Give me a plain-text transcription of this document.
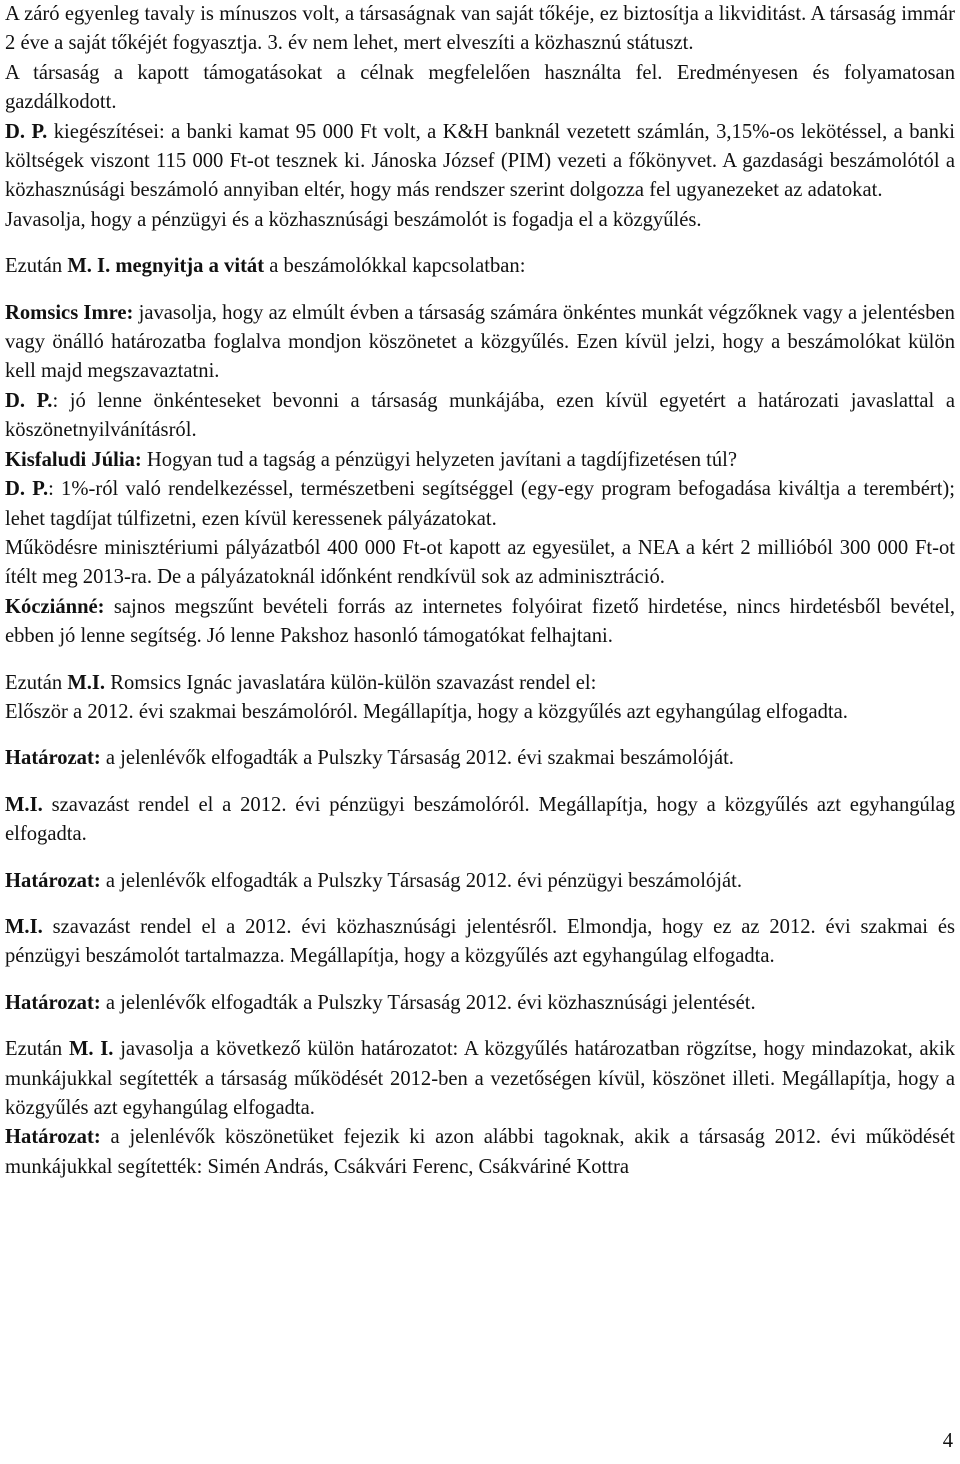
A záró egyenleg tavaly is mínuszos volt, a társaságnak van saját tőkéje, ez biztosítja a likviditást. A társaság immár 2 éve a saját tőkéjét fogyasztja. 3. év nem lehet, mert elveszíti a közhasznú státuszt.

A társaság a kapott támogatásokat a célnak megfelelően használta fel. Eredményesen és folyamatosan gazdálkodott.

D. P. kiegészítései: a banki kamat 95 000 Ft volt, a K&H banknál vezetett számlán, 3,15%-os lekötéssel, a banki költségek viszont 115 000 Ft-ot tesznek ki. Jánoska József (PIM) vezeti a főkönyvet. A gazdasági beszámolótól a közhasznúsági beszámoló annyiban eltér, hogy más rendszer szerint dolgozza fel ugyanezeket az adatokat.

Javasolja, hogy a pénzügyi és a közhasznúsági beszámolót is fogadja el a közgyűlés.

Ezután M. I. megnyitja a vitát a beszámolókkal kapcsolatban:

Romsics Imre: javasolja, hogy az elmúlt évben a társaság számára önkéntes munkát végzőknek vagy a jelentésben vagy önálló határozatba foglalva mondjon köszönetet a közgyűlés. Ezen kívül jelzi, hogy a beszámolókat külön kell majd megszavaztatni.

D. P.: jó lenne önkénteseket bevonni a társaság munkájába, ezen kívül egyetért a határozati javaslattal a köszönetnyilvánításról.

Kisfaludi Júlia: Hogyan tud a tagság a pénzügyi helyzeten javítani a tagdíjfizetésen túl?

D. P.: 1%-ról való rendelkezéssel, természetbeni segítséggel (egy-egy program befogadása kiváltja a terembért); lehet tagdíjat túlfizetni, ezen kívül keressenek pályázatokat.

Működésre minisztériumi pályázatból 400 000 Ft-ot kapott az egyesület, a NEA a kért 2 millióból 300 000 Ft-ot ítélt meg 2013-ra. De a pályázatoknál időnként rendkívül sok az adminisztráció.

Kócziánné: sajnos megszűnt bevételi forrás az internetes folyóirat fizető hirdetése, nincs hirdetésből bevétel, ebben jó lenne segítség. Jó lenne Pakshoz hasonló támogatókat felhajtani.

Ezután M.I. Romsics Ignác javaslatára külön-külön szavazást rendel el:

Először a 2012. évi szakmai beszámolóról. Megállapítja, hogy a közgyűlés azt egyhangúlag elfogadta.

Határozat: a jelenlévők elfogadták a Pulszky Társaság 2012. évi szakmai beszámolóját.

M.I. szavazást rendel el a 2012. évi pénzügyi beszámolóról. Megállapítja, hogy a közgyűlés azt egyhangúlag elfogadta.

Határozat: a jelenlévők elfogadták a Pulszky Társaság 2012. évi pénzügyi beszámolóját.

M.I. szavazást rendel el a 2012. évi közhasznúsági jelentésről. Elmondja, hogy ez az 2012. évi szakmai és pénzügyi beszámolót tartalmazza. Megállapítja, hogy a közgyűlés azt egyhangúlag elfogadta.

Határozat: a jelenlévők elfogadták a Pulszky Társaság 2012. évi közhasznúsági jelentését.

Ezután M. I. javasolja a következő külön határozatot: A közgyűlés határozatban rögzítse, hogy mindazokat, akik munkájukkal segítették a társaság működését 2012-ben a vezetőségen kívül, köszönet illeti. Megállapítja, hogy a közgyűlés azt egyhangúlag elfogadta.

Határozat: a jelenlévők köszönetüket fejezik ki azon alábbi tagoknak, akik a társaság 2012. évi működését munkájukkal segítették: Simén András, Csákvári Ferenc, Csákváriné Kottra

4
